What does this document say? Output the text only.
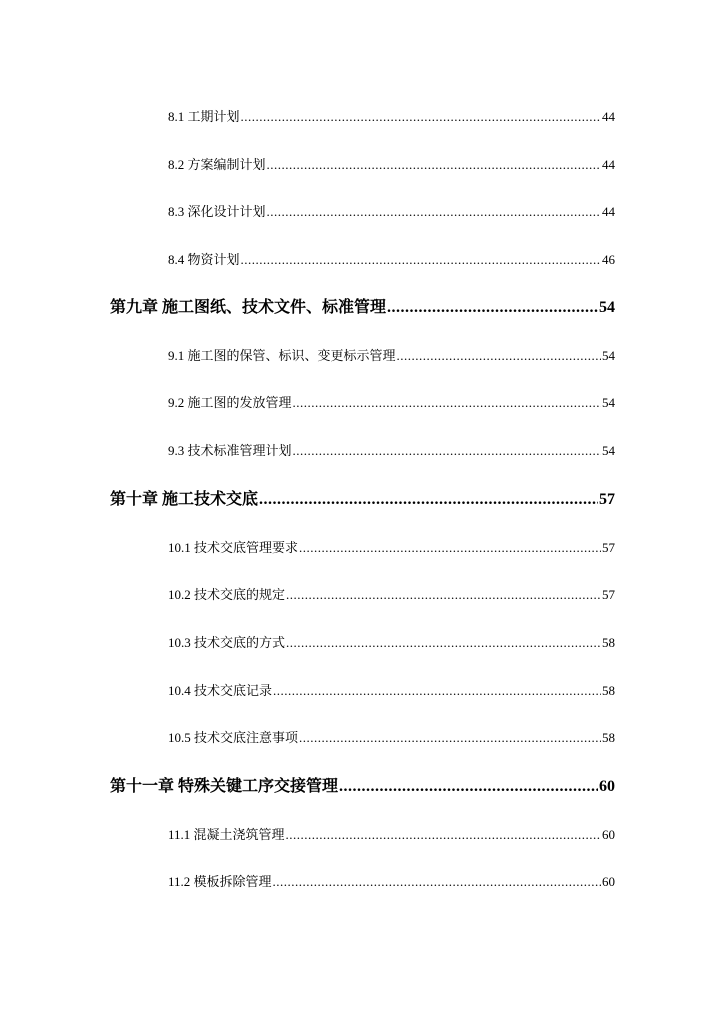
8.1 工期计划 .....	44
8.2 方案编制计划 .....	44
8.3 深化设计计划 .....	44
8.4 物资计划 .....	46
第九章 施工图纸、技术文件、标准管理 .....	54
9.1 施工图的保管、标识、变更标示管理 .....	54
9.2 施工图的发放管理 .....	54
9.3 技术标准管理计划 .....	54
第十章 施工技术交底 .....	57
10.1 技术交底管理要求 .....	57
10.2 技术交底的规定 .....	57
10.3 技术交底的方式 .....	58
10.4 技术交底记录 .....	58
10.5 技术交底注意事项 .....	58
第十一章 特殊关键工序交接管理 .....	60
11.1 混凝土浇筑管理 .....	60
11.2 模板拆除管理 .....	60
